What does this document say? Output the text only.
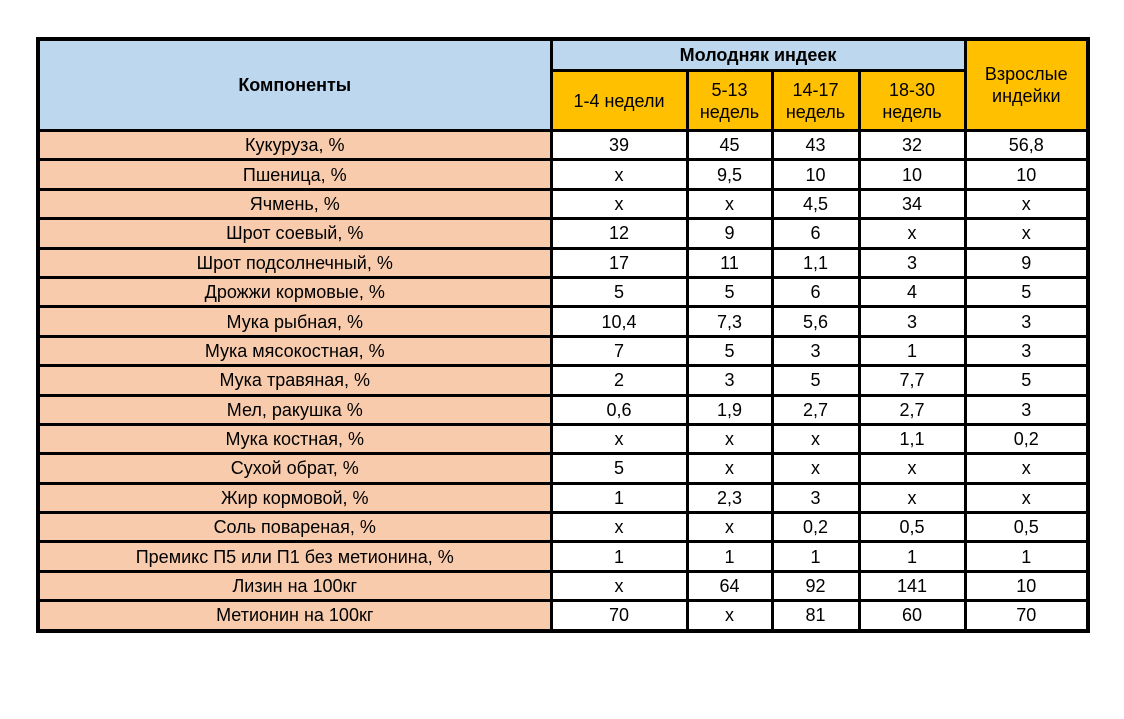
Компоненты	Молодняк индеек				Взрослые индейки
	1-4 недели	5-13 недель	14-17 недель	18-30 недель	
Кукуруза, %	39	45	43	32	56,8
Пшеница, %	х	9,5	10	10	10
Ячмень, %	х	х	4,5	34	х
Шрот соевый, %	12	9	6	х	х
Шрот подсолнечный, %	17	11	1,1	3	9
Дрожжи кормовые, %	5	5	6	4	5
Мука рыбная, %	10,4	7,3	5,6	3	3
Мука мясокостная, %	7	5	3	1	3
Мука травяная, %	2	3	5	7,7	5
Мел, ракушка %	0,6	1,9	2,7	2,7	3
Мука костная, %	х	х	х	1,1	0,2
Сухой обрат, %	5	х	х	х	х
Жир кормовой, %	1	2,3	3	х	х
Соль повареная, %	х	х	0,2	0,5	0,5
Премикс П5 или П1 без метионина, %	1	1	1	1	1
Лизин на 100кг	х	64	92	141	10
Метионин на 100кг	70	х	81	60	70
